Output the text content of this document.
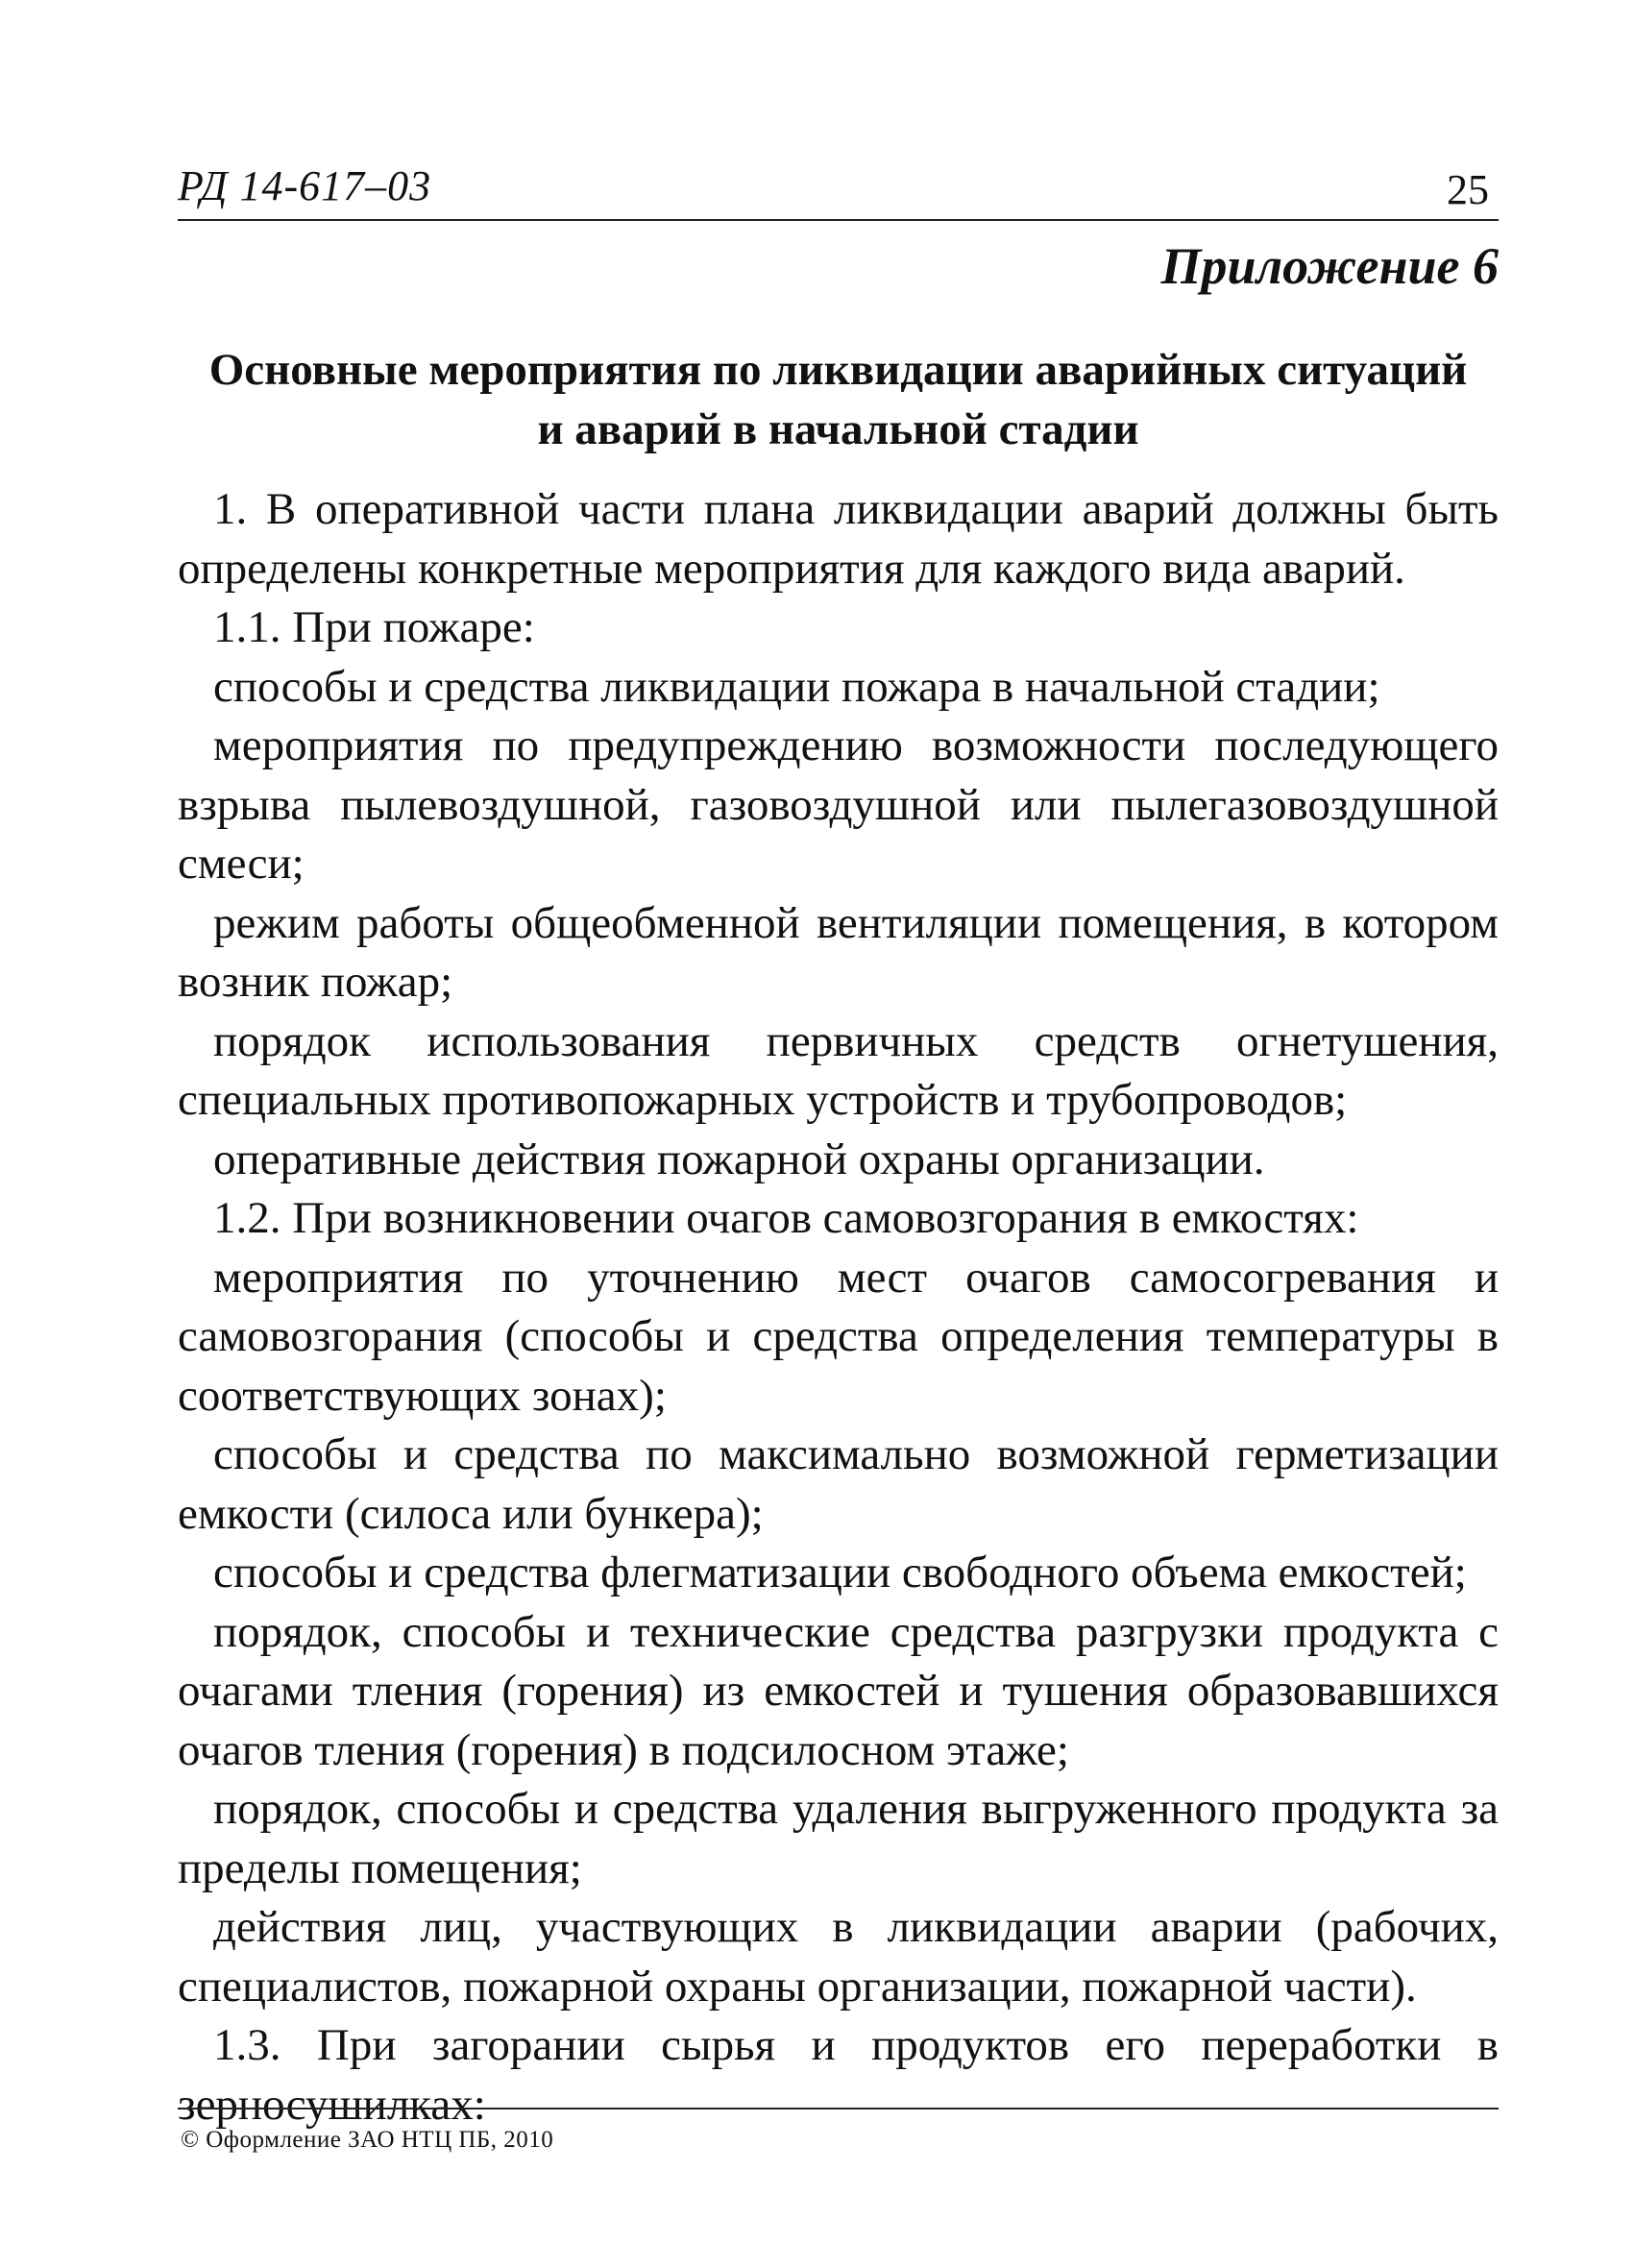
РД 14-617–03	25
Приложение 6
Основные мероприятия по ликвидации аварийных ситуаций
и аварий в начальной стадии

1. В оперативной части плана ликвидации аварий должны быть определены конкретные мероприятия для каждого вида аварий.

1.1. При пожаре:

способы и средства ликвидации пожара в начальной стадии;

мероприятия по предупреждению возможности последующего взрыва пылевоздушной, газовоздушной или пылегазовоздушной смеси;

режим работы общеобменной вентиляции помещения, в котором возник пожар;

порядок использования первичных средств огнетушения, специальных противопожарных устройств и трубопроводов;

оперативные действия пожарной охраны организации.

1.2. При возникновении очагов самовозгорания в емкостях:

мероприятия по уточнению мест очагов самосогревания и самовозгорания (способы и средства определения температуры в соответствующих зонах);

способы и средства по максимально возможной герметизации емкости (силоса или бункера);

способы и средства флегматизации свободного объема емкостей;

порядок, способы и технические средства разгрузки продукта с очагами тления (горения) из емкостей и тушения образовавшихся очагов тления (горения) в подсилосном этаже;

порядок, способы и средства удаления выгруженного продукта за пределы помещения;

действия лиц, участвующих в ликвидации аварии (рабочих, специалистов, пожарной охраны организации, пожарной части).

1.3. При загорании сырья и продуктов его переработки в зерносушилках:

© Оформление ЗАО НТЦ ПБ, 2010
